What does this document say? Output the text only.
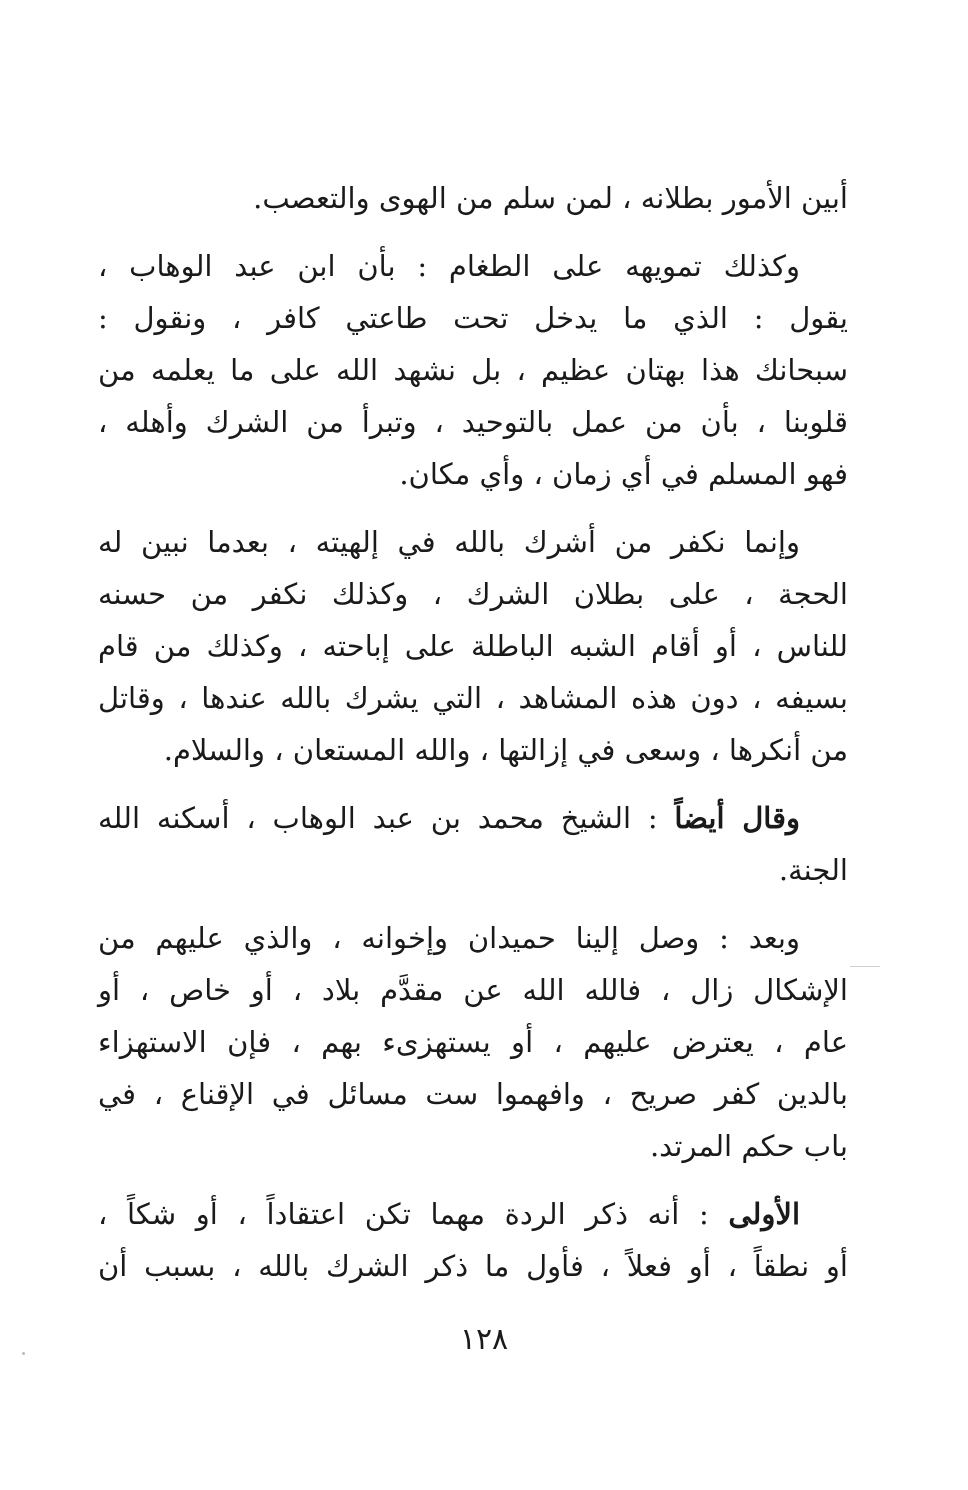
أبين الأمور بطلانه ، لمن سلم من الهوى والتعصب.

وكذلك تمويهه على الطغام : بأن ابن عبد الوهاب ،
يقول : الذي ما يدخل تحت طاعتي كافر ، ونقول :
سبحانك هذا بهتان عظيم ، بل نشهد الله على ما يعلمه من
قلوبنا ، بأن من عمل بالتوحيد ، وتبرأ من الشرك وأهله ،
فهو المسلم في أي زمان ، وأي مكان.

وإنما نكفر من أشرك بالله في إلهيته ، بعدما نبين له
الحجة ، على بطلان الشرك ، وكذلك نكفر من حسنه
للناس ، أو أقام الشبه الباطلة على إباحته ، وكذلك من قام
بسيفه ، دون هذه المشاهد ، التي يشرك بالله عندها ، وقاتل
من أنكرها ، وسعى في إزالتها ، والله المستعان ، والسلام.

وقال أيضاً : الشيخ محمد بن عبد الوهاب ، أسكنه الله
الجنة.

وبعد : وصل إلينا حميدان وإخوانه ، والذي عليهم من
الإشكال زال ، فالله الله عن مقدَّم بلاد ، أو خاص ، أو
عام ، يعترض عليهم ، أو يستهزىء بهم ، فإن الاستهزاء
بالدين كفر صريح ، وافهموا ست مسائل في الإقناع ، في
باب حكم المرتد.

الأولى : أنه ذكر الردة مهما تكن اعتقاداً ، أو شكاً ،
أو نطقاً ، أو فعلاً ، فأول ما ذكر الشرك بالله ، بسبب أن

١٢٨
